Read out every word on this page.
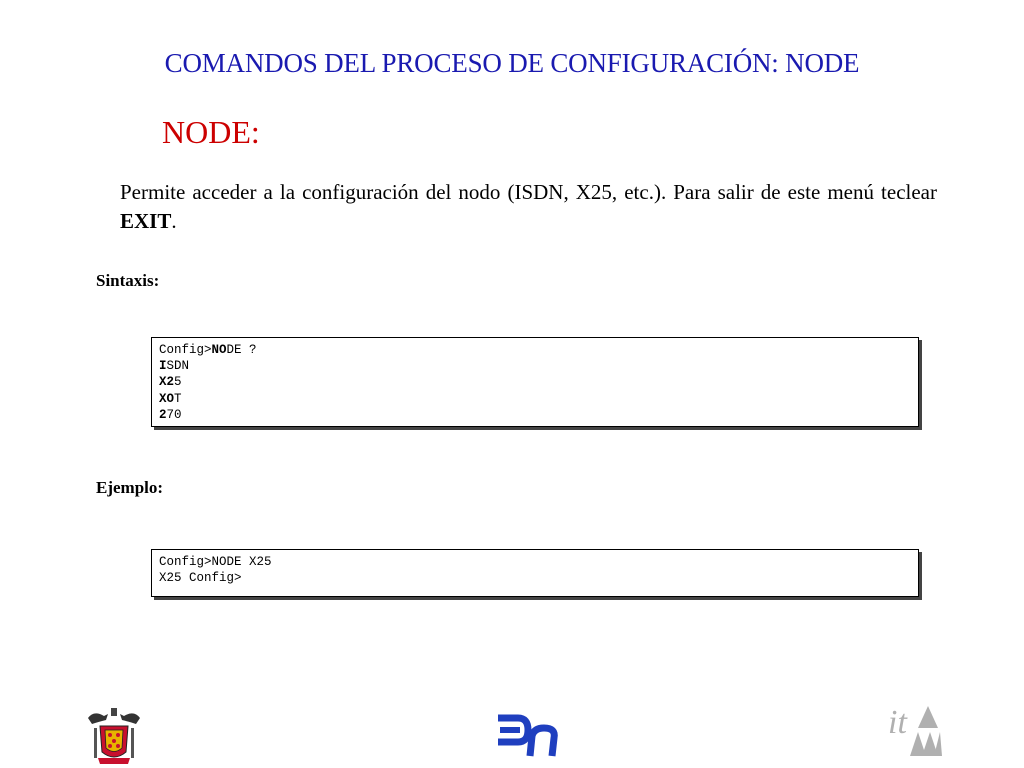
COMANDOS DEL PROCESO DE CONFIGURACIÓN: NODE
NODE:
Permite acceder a la configuración del nodo (ISDN, X25, etc.). Para salir de este menú teclear EXIT.
Sintaxis:
Config>NODE ?
ISDN
X25
XOT
270
Ejemplo:
Config>NODE X25
X25 Config>
it
